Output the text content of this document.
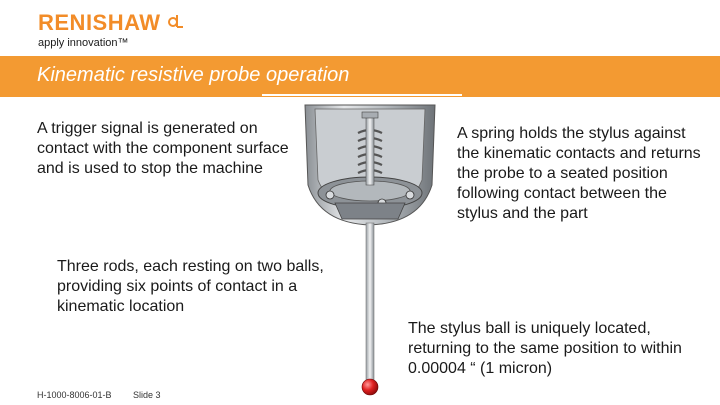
RENISHAW
apply innovation™
Kinematic resistive probe operation
A trigger signal is generated on contact with the component surface and is used to stop the machine
A spring holds the stylus against the kinematic contacts and returns the probe to a seated position following contact between the stylus and the part
Three rods, each resting on two balls, providing six points of contact in a kinematic location
The stylus ball is uniquely located, returning to the same position to within 0.00004 “ (1 micron)
H-1000-8006-01-B Slide 3
